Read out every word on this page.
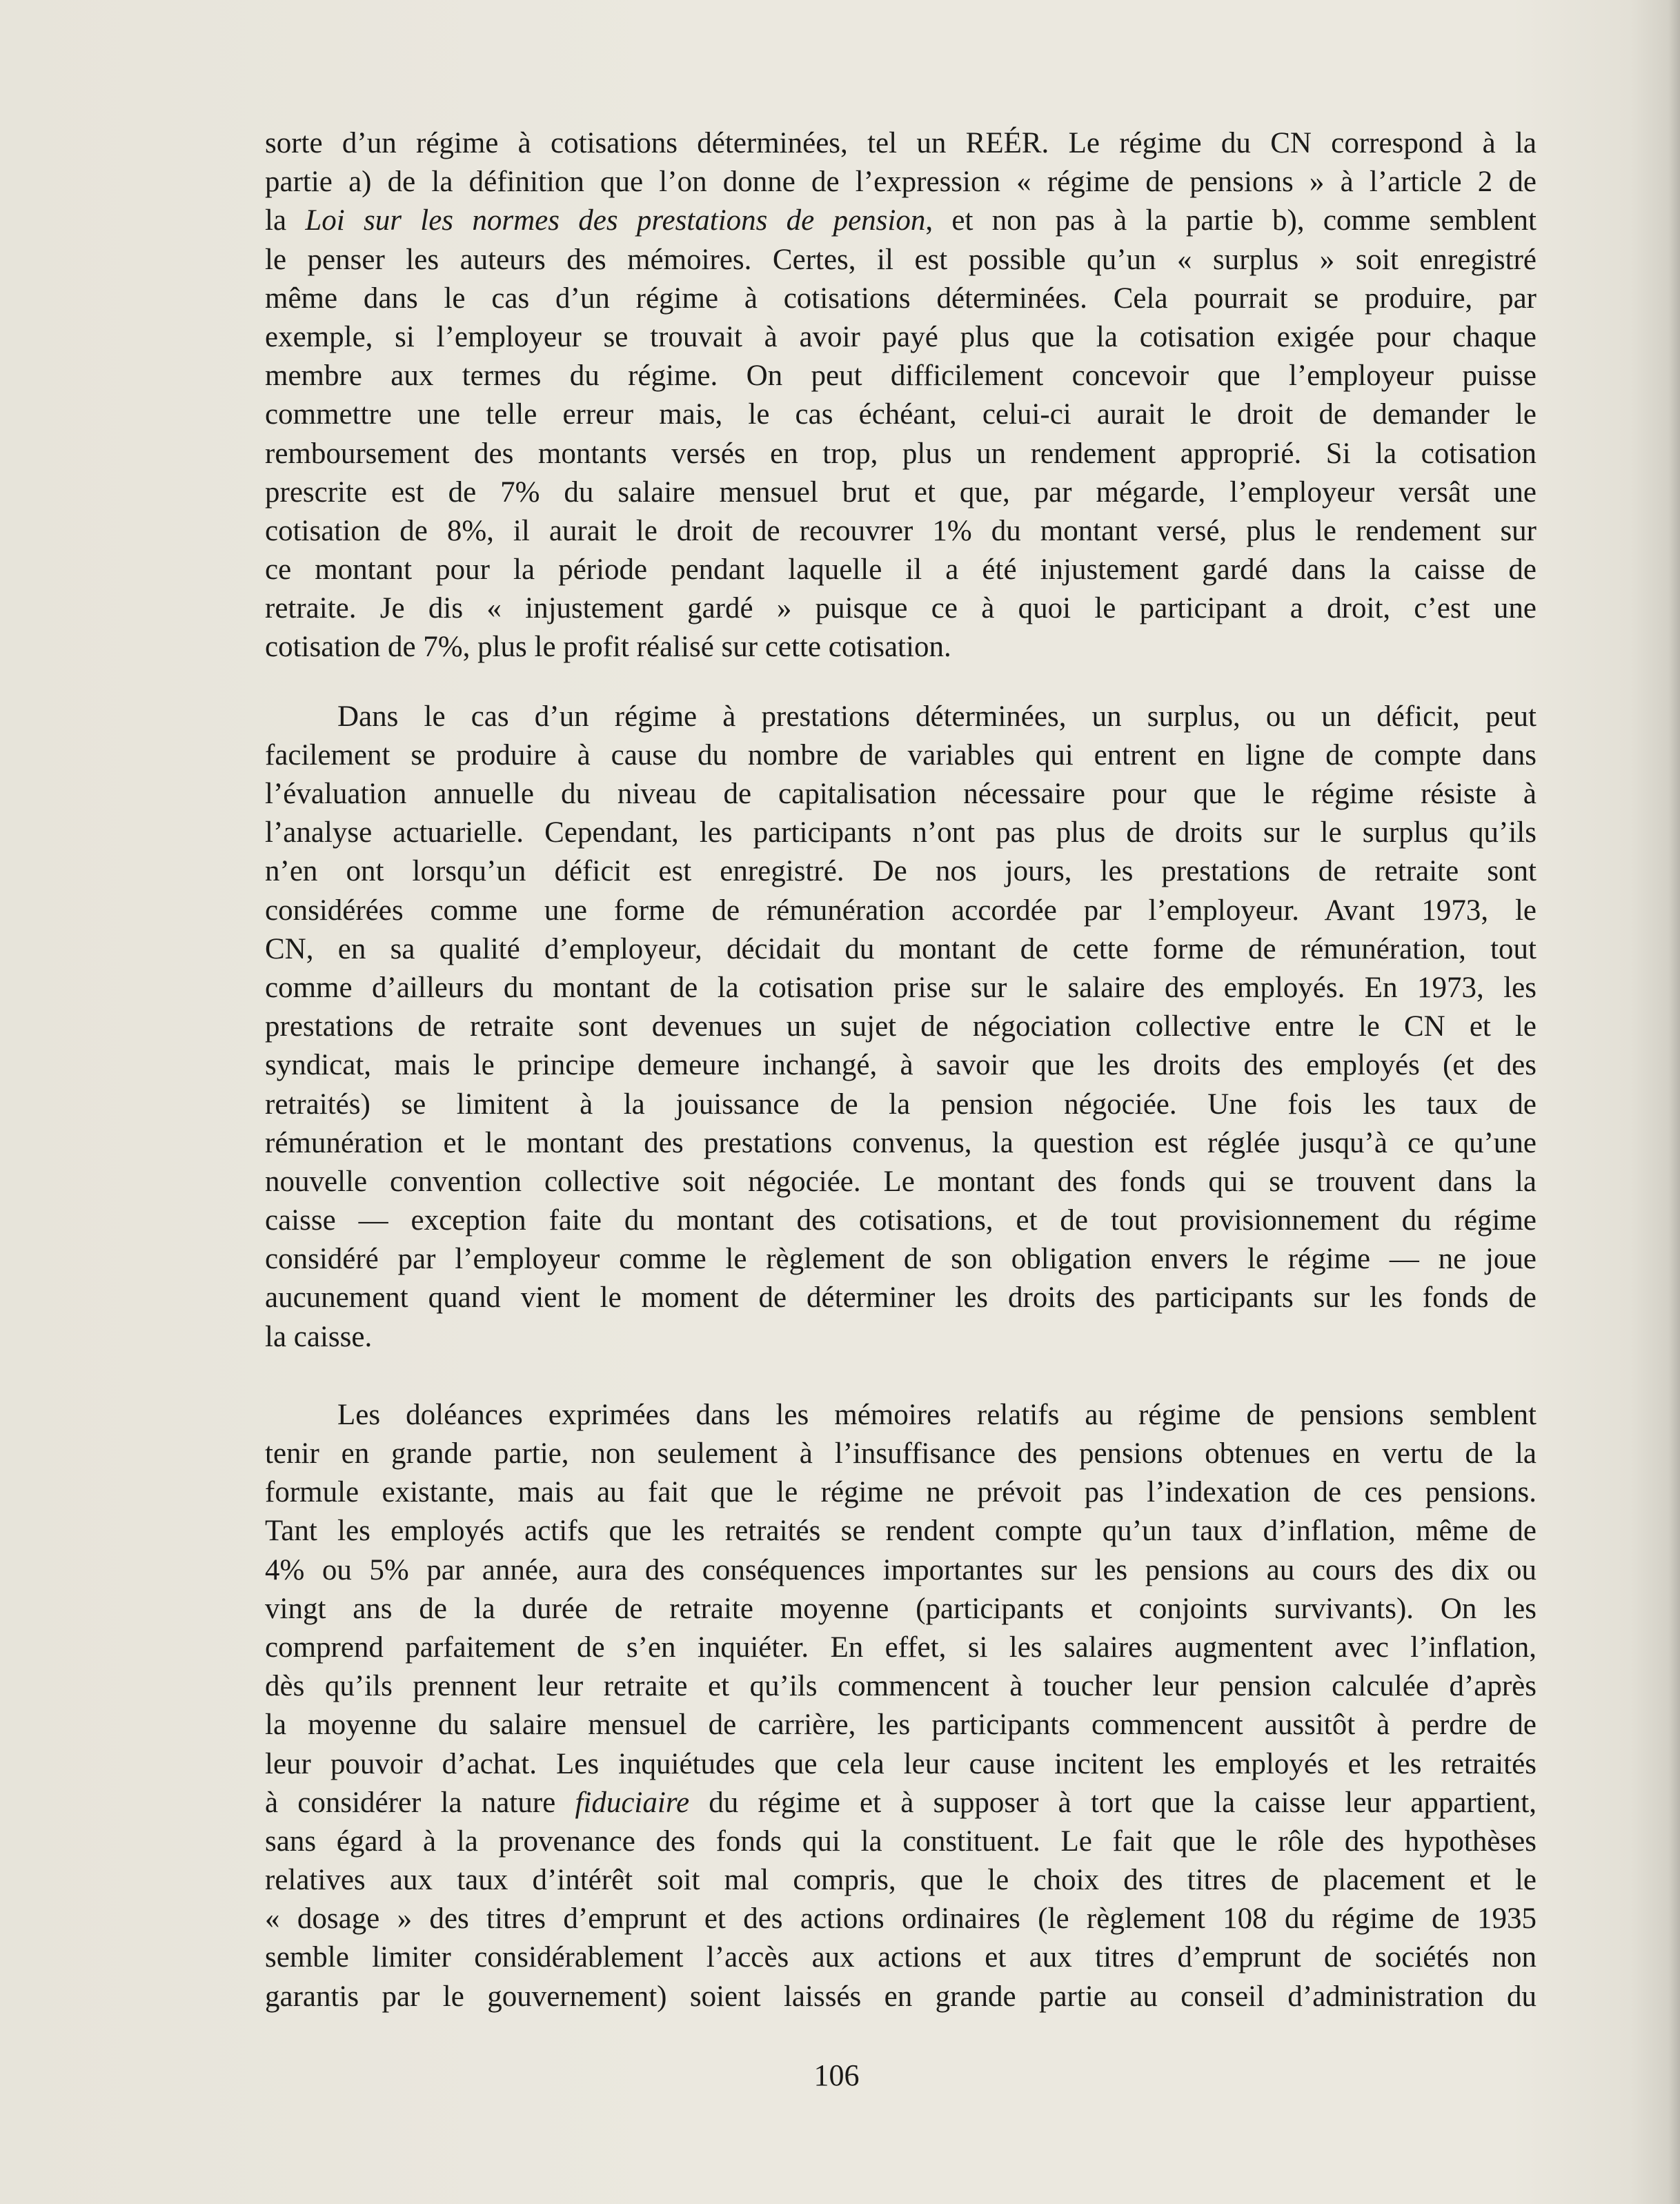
sorte d’un régime à cotisations déterminées, tel un REÉR. Le régime du CN correspond à la
partie a) de la définition que l’on donne de l’expression « régime de pensions » à l’article 2 de
la Loi sur les normes des prestations de pension, et non pas à la partie b), comme semblent
le penser les auteurs des mémoires. Certes, il est possible qu’un « surplus » soit enregistré
même dans le cas d’un régime à cotisations déterminées. Cela pourrait se produire, par
exemple, si l’employeur se trouvait à avoir payé plus que la cotisation exigée pour chaque
membre aux termes du régime. On peut difficilement concevoir que l’employeur puisse
commettre une telle erreur mais, le cas échéant, celui-ci aurait le droit de demander le
remboursement des montants versés en trop, plus un rendement approprié. Si la cotisation
prescrite est de 7% du salaire mensuel brut et que, par mégarde, l’employeur versât une
cotisation de 8%, il aurait le droit de recouvrer 1% du montant versé, plus le rendement sur
ce montant pour la période pendant laquelle il a été injustement gardé dans la caisse de
retraite. Je dis « injustement gardé » puisque ce à quoi le participant a droit, c’est une
cotisation de 7%, plus le profit réalisé sur cette cotisation.
Dans le cas d’un régime à prestations déterminées, un surplus, ou un déficit, peut
facilement se produire à cause du nombre de variables qui entrent en ligne de compte dans
l’évaluation annuelle du niveau de capitalisation nécessaire pour que le régime résiste à
l’analyse actuarielle. Cependant, les participants n’ont pas plus de droits sur le surplus qu’ils
n’en ont lorsqu’un déficit est enregistré. De nos jours, les prestations de retraite sont
considérées comme une forme de rémunération accordée par l’employeur. Avant 1973, le
CN, en sa qualité d’employeur, décidait du montant de cette forme de rémunération, tout
comme d’ailleurs du montant de la cotisation prise sur le salaire des employés. En 1973, les
prestations de retraite sont devenues un sujet de négociation collective entre le CN et le
syndicat, mais le principe demeure inchangé, à savoir que les droits des employés (et des
retraités) se limitent à la jouissance de la pension négociée. Une fois les taux de
rémunération et le montant des prestations convenus, la question est réglée jusqu’à ce qu’une
nouvelle convention collective soit négociée. Le montant des fonds qui se trouvent dans la
caisse — exception faite du montant des cotisations, et de tout provisionnement du régime
considéré par l’employeur comme le règlement de son obligation envers le régime — ne joue
aucunement quand vient le moment de déterminer les droits des participants sur les fonds de
la caisse.
Les doléances exprimées dans les mémoires relatifs au régime de pensions semblent
tenir en grande partie, non seulement à l’insuffisance des pensions obtenues en vertu de la
formule existante, mais au fait que le régime ne prévoit pas l’indexation de ces pensions.
Tant les employés actifs que les retraités se rendent compte qu’un taux d’inflation, même de
4% ou 5% par année, aura des conséquences importantes sur les pensions au cours des dix ou
vingt ans de la durée de retraite moyenne (participants et conjoints survivants). On les
comprend parfaitement de s’en inquiéter. En effet, si les salaires augmentent avec l’inflation,
dès qu’ils prennent leur retraite et qu’ils commencent à toucher leur pension calculée d’après
la moyenne du salaire mensuel de carrière, les participants commencent aussitôt à perdre de
leur pouvoir d’achat. Les inquiétudes que cela leur cause incitent les employés et les retraités
à considérer la nature fiduciaire du régime et à supposer à tort que la caisse leur appartient,
sans égard à la provenance des fonds qui la constituent. Le fait que le rôle des hypothèses
relatives aux taux d’intérêt soit mal compris, que le choix des titres de placement et le
« dosage » des titres d’emprunt et des actions ordinaires (le règlement 108 du régime de 1935
semble limiter considérablement l’accès aux actions et aux titres d’emprunt de sociétés non
garantis par le gouvernement) soient laissés en grande partie au conseil d’administration du
106
